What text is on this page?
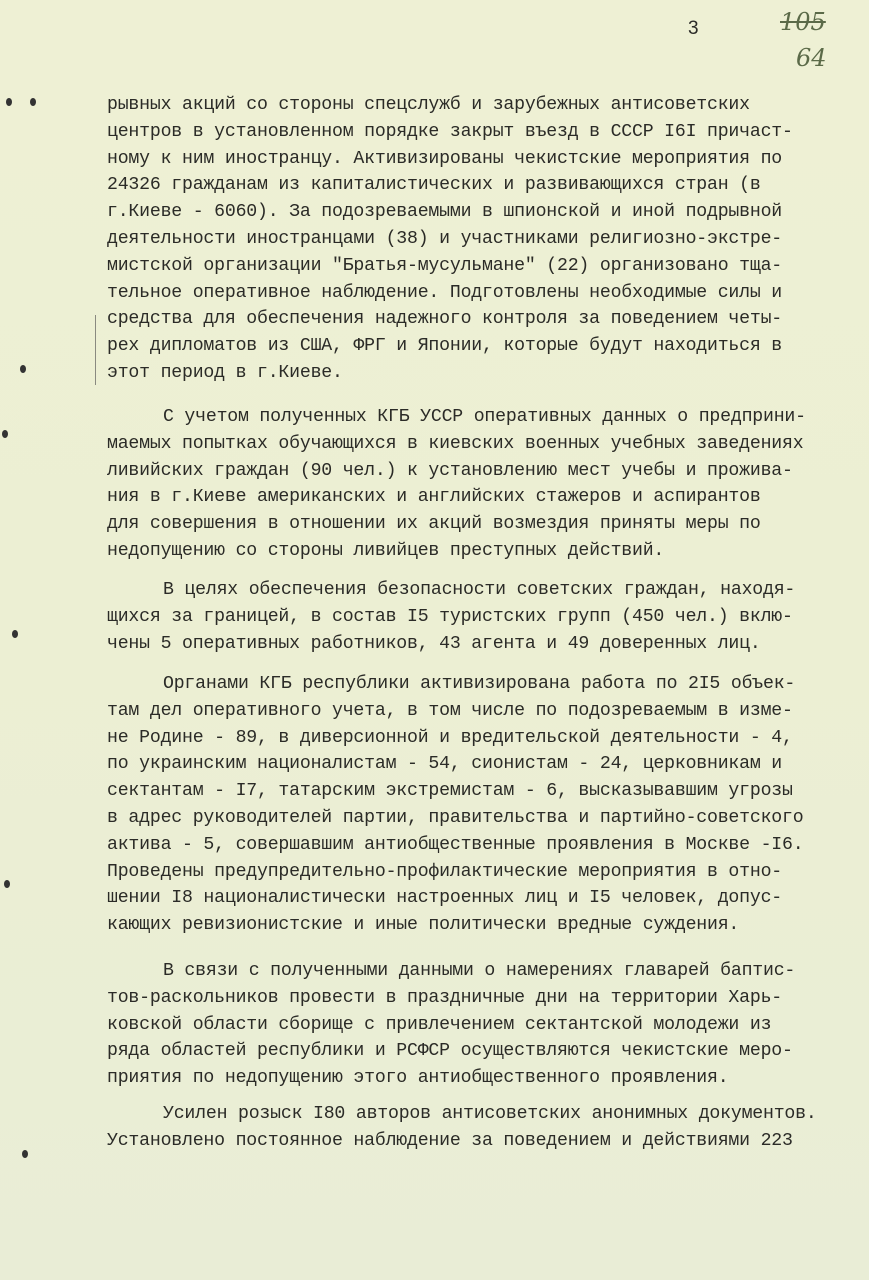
3	105
64
рывных акций со стороны спецслужб и зарубежных антисоветских
центров в установленном порядке закрыт въезд в СССР I6I причаст-
ному к ним иностранцу. Активизированы чекистские мероприятия по
24326 гражданам из капиталистических и развивающихся стран (в
г.Киеве - 6060). За подозреваемыми в шпионской и иной подрывной
деятельности иностранцами (38) и участниками религиозно-экстре-
мистской организации "Братья-мусульмане" (22) организовано тща-
тельное оперативное наблюдение. Подготовлены необходимые силы и
средства для обеспечения надежного контроля за поведением четы-
рех дипломатов из США, ФРГ и Японии, которые будут находиться в
этот период в г.Киеве.
С учетом полученных КГБ УССР оперативных данных о предприни-
маемых попытках обучающихся в киевских военных учебных заведениях
ливийских граждан (90 чел.) к установлению мест учебы и прожива-
ния в г.Киеве американских и английских стажеров и аспирантов
для совершения в отношении их акций возмездия приняты меры по
недопущению со стороны ливийцев преступных действий.
В целях обеспечения безопасности советских граждан, находя-
щихся за границей, в состав I5 туристских групп (450 чел.) вклю-
чены 5 оперативных работников, 43 агента и 49 доверенных лиц.
Органами КГБ республики активизирована работа по 2I5 объек-
там дел оперативного учета, в том числе по подозреваемым в изме-
не Родине - 89, в диверсионной и вредительской деятельности - 4,
по украинским националистам - 54, сионистам - 24, церковникам и
сектантам - I7, татарским экстремистам - 6, высказывавшим угрозы
в адрес руководителей партии, правительства и партийно-советского
актива - 5, совершавшим антиобщественные проявления в Москве -I6.
Проведены предупредительно-профилактические мероприятия в отно-
шении I8 националистически настроенных лиц и I5 человек, допус-
кающих ревизионистские и иные политически вредные суждения.
В связи с полученными данными о намерениях главарей баптис-
тов-раскольников провести в праздничные дни на территории Харь-
ковской области сборище с привлечением сектантской молодежи из
ряда областей республики и РСФСР осуществляются чекистские меро-
приятия по недопущению этого антиобщественного проявления.
Усилен розыск I80 авторов антисоветских анонимных документов.
Установлено постоянное наблюдение за поведением и действиями 223
